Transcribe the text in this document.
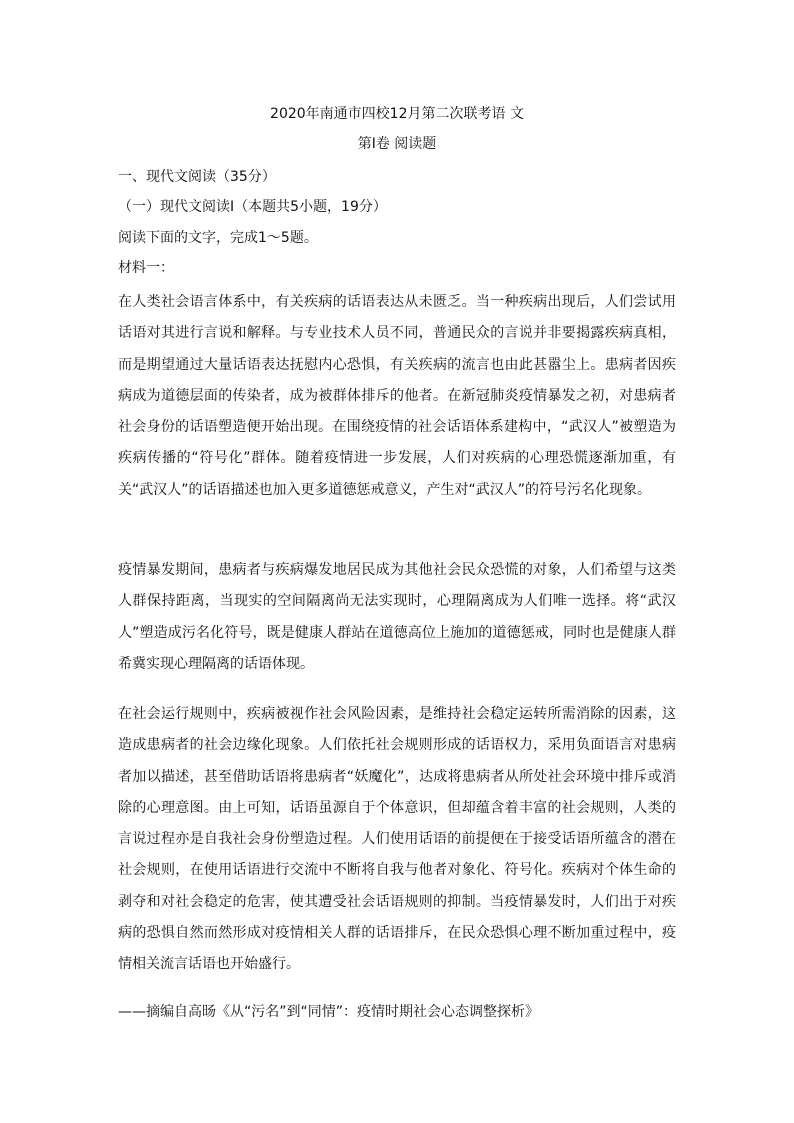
2020年南通市四校12月第二次联考语 文
第I卷 阅读题
一、现代文阅读（35分）
（一）现代文阅读I（本题共5小题，19分）
阅读下面的文字，完成1～5题。
材料一：

在人类社会语言体系中，有关疾病的话语表达从未匮乏。当一种疾病出现后，人们尝试用话语对其进行言说和解释。与专业技术人员不同，普通民众的言说并非要揭露疾病真相，而是期望通过大量话语表达抚慰内心恐惧，有关疾病的流言也由此甚嚣尘上。患病者因疾病成为道德层面的传染者，成为被群体排斥的他者。在新冠肺炎疫情暴发之初，对患病者社会身份的话语塑造便开始出现。在围绕疫情的社会话语体系建构中，“武汉人”被塑造为疾病传播的“符号化”群体。随着疫情进一步发展，人们对疾病的心理恐慌逐渐加重，有关“武汉人”的话语描述也加入更多道德惩戒意义，产生对“武汉人”的符号污名化现象。

疫情暴发期间，患病者与疾病爆发地居民成为其他社会民众恐慌的对象，人们希望与这类人群保持距离，当现实的空间隔离尚无法实现时，心理隔离成为人们唯一选择。将“武汉人”塑造成污名化符号，既是健康人群站在道德高位上施加的道德惩戒，同时也是健康人群希冀实现心理隔离的话语体现。

在社会运行规则中，疾病被视作社会风险因素，是维持社会稳定运转所需消除的因素，这造成患病者的社会边缘化现象。人们依托社会规则形成的话语权力，采用负面语言对患病者加以描述，甚至借助话语将患病者“妖魔化”，达成将患病者从所处社会环境中排斥或消除的心理意图。由上可知，话语虽源自于个体意识，但却蕴含着丰富的社会规则，人类的言说过程亦是自我社会身份塑造过程。人们使用话语的前提便在于接受话语所蕴含的潜在社会规则，在使用话语进行交流中不断将自我与他者对象化、符号化。疾病对个体生命的剥夺和对社会稳定的危害，使其遭受社会话语规则的抑制。当疫情暴发时，人们出于对疾病的恐惧自然而然形成对疫情相关人群的话语排斥，在民众恐惧心理不断加重过程中，疫情相关流言话语也开始盛行。

——摘编自高旸《从“污名”到“同情”：疫情时期社会心态调整探析》
